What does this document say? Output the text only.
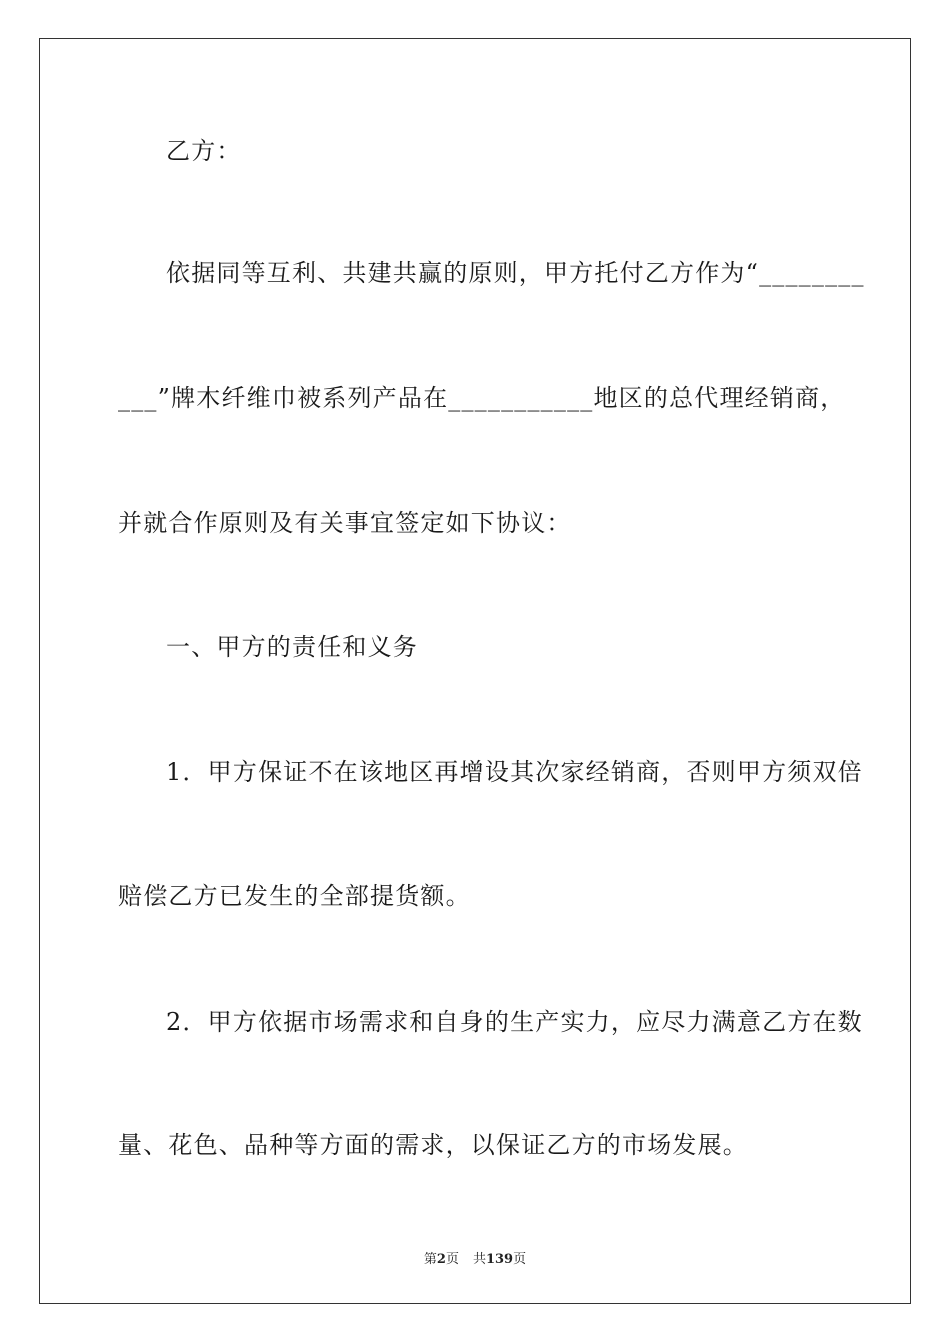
乙方：
依据同等互利、共建共赢的原则，甲方托付乙方作为“________
___”牌木纤维巾被系列产品在___________地区的总代理经销商，
并就合作原则及有关事宜签定如下协议：
一、甲方的责任和义务
1．甲方保证不在该地区再增设其次家经销商，否则甲方须双倍
赔偿乙方已发生的全部提货额。
2．甲方依据市场需求和自身的生产实力，应尽力满意乙方在数
量、花色、品种等方面的需求，以保证乙方的市场发展。
第2页 共139页
